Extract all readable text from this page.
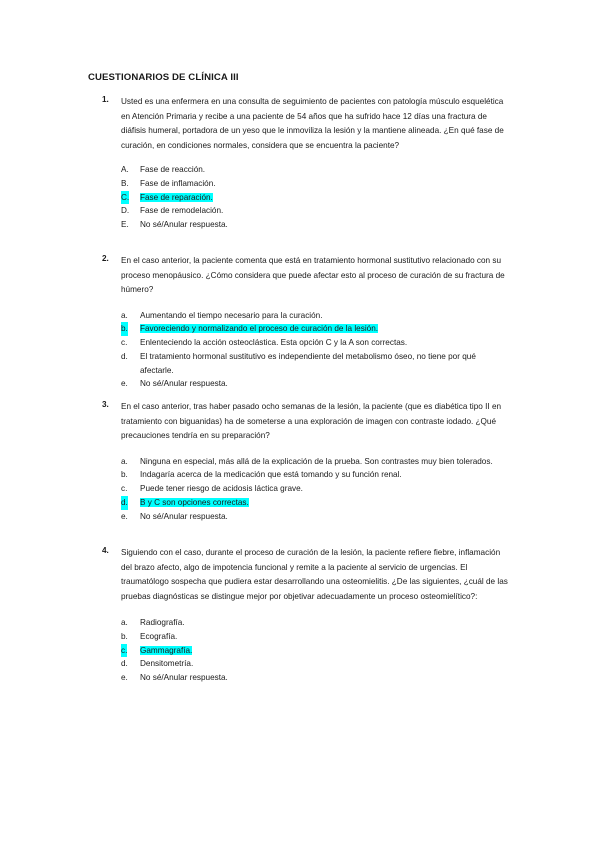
CUESTIONARIOS DE CLÍNICA III
1. Usted es una enfermera en una consulta de seguimiento de pacientes con patología músculo esquelética en Atención Primaria y recibe a una paciente de 54 años que ha sufrido hace 12 días una fractura de diáfisis humeral, portadora de un yeso que le inmoviliza la lesión y la mantiene alineada. ¿En qué fase de curación, en condiciones normales, considera que se encuentra la paciente?
A. Fase de reacción.
B. Fase de inflamación.
C. Fase de reparación.
D. Fase de remodelación.
E. No sé/Anular respuesta.
2. En el caso anterior, la paciente comenta que está en tratamiento hormonal sustitutivo relacionado con su proceso menopáusico. ¿Cómo considera que puede afectar esto al proceso de curación de su fractura de húmero?
a. Aumentando el tiempo necesario para la curación.
b. Favoreciendo y normalizando el proceso de curación de la lesión.
c. Enlenteciendo la acción osteoclástica. Esta opción C y la A son correctas.
d. El tratamiento hormonal sustitutivo es independiente del metabolismo óseo, no tiene por qué afectarle.
e. No sé/Anular respuesta.
3. En el caso anterior, tras haber pasado ocho semanas de la lesión, la paciente (que es diabética tipo II en tratamiento con biguanidas) ha de someterse a una exploración de imagen con contraste iodado. ¿Qué precauciones tendría en su preparación?
a. Ninguna en especial, más allá de la explicación de la prueba. Son contrastes muy bien tolerados.
b. Indagaría acerca de la medicación que está tomando y su función renal.
c. Puede tener riesgo de acidosis láctica grave.
d. B y C son opciones correctas.
e. No sé/Anular respuesta.
4. Siguiendo con el caso, durante el proceso de curación de la lesión, la paciente refiere fiebre, inflamación del brazo afecto, algo de impotencia funcional y remite a la paciente al servicio de urgencias. El traumatólogo sospecha que pudiera estar desarrollando una osteomielitis. ¿De las siguientes, ¿cuál de las pruebas diagnósticas se distingue mejor por objetivar adecuadamente un proceso osteomielítico?:
a. Radiografía.
b. Ecografía.
c. Gammagrafía.
d. Densitometría.
e. No sé/Anular respuesta.
